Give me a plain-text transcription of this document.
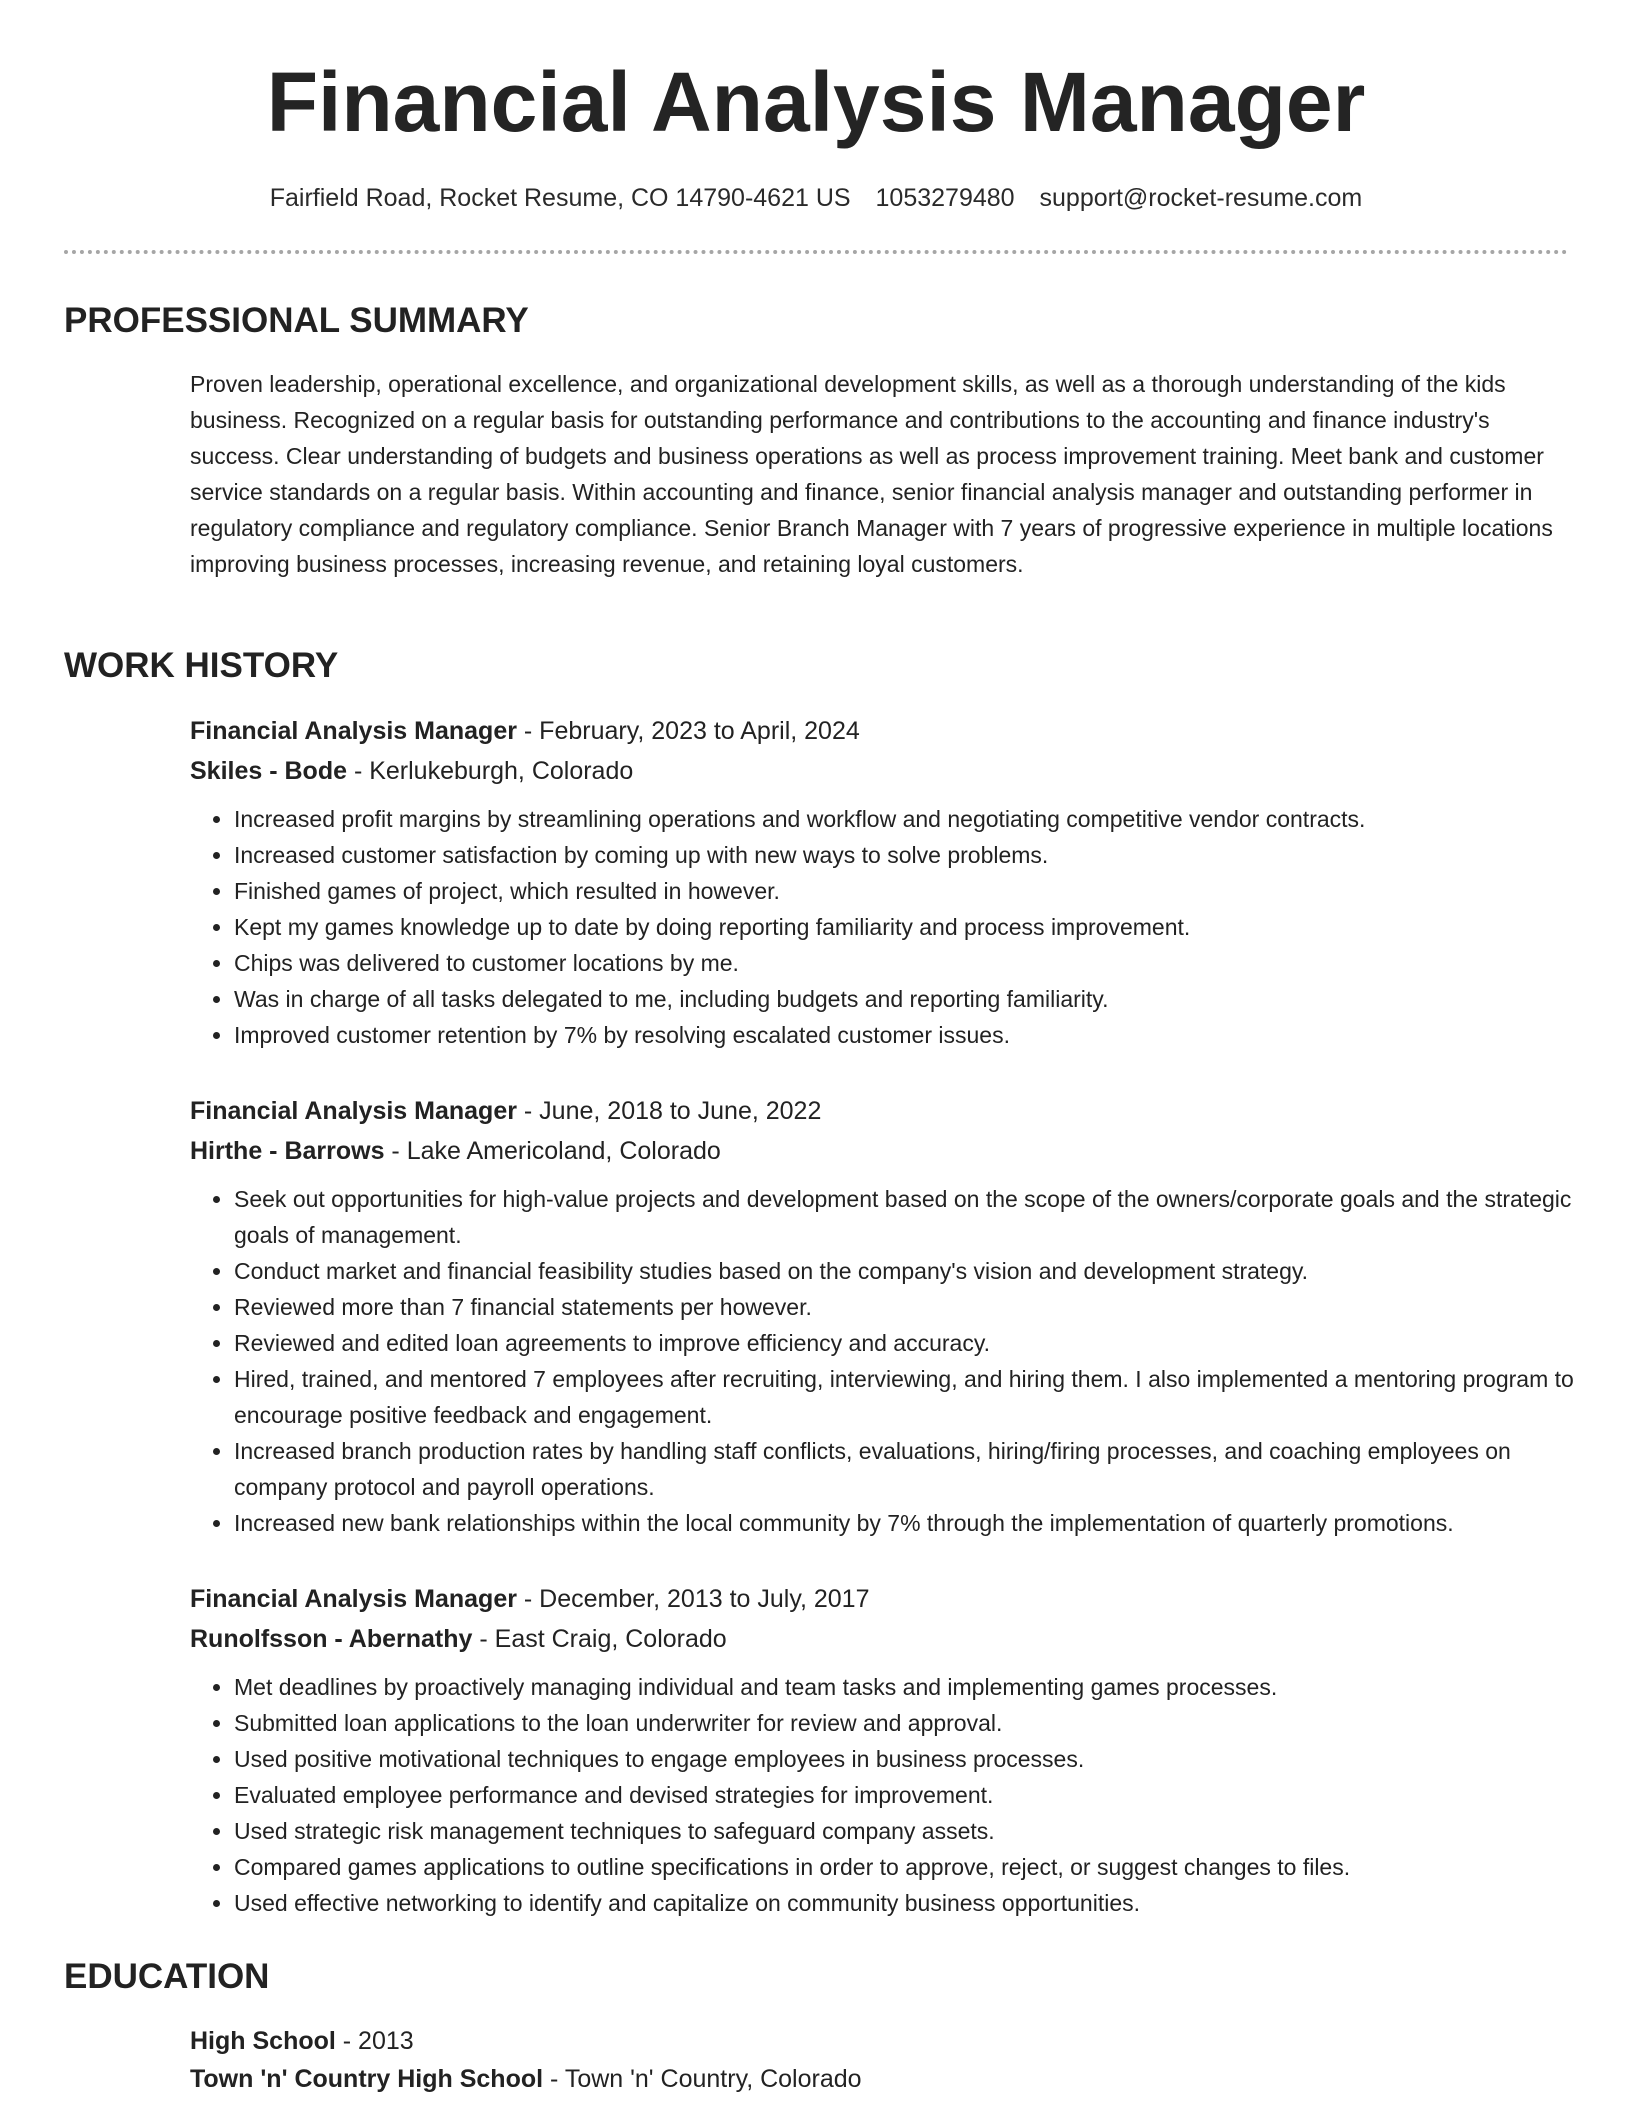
Financial Analysis Manager
Fairfield Road, Rocket Resume, CO 14790-4621 US 1053279480 support@rocket-resume.com
PROFESSIONAL SUMMARY

Proven leadership, operational excellence, and organizational development skills, as well as a thorough understanding of the kids business. Recognized on a regular basis for outstanding performance and contributions to the accounting and finance industry's success. Clear understanding of budgets and business operations as well as process improvement training. Meet bank and customer service standards on a regular basis. Within accounting and finance, senior financial analysis manager and outstanding performer in regulatory compliance and regulatory compliance. Senior Branch Manager with 7 years of progressive experience in multiple locations improving business processes, increasing revenue, and retaining loyal customers.

WORK HISTORY
Financial Analysis Manager - February, 2023 to April, 2024
Skiles - Bode - Kerlukeburgh, Colorado
• Increased profit margins by streamlining operations and workflow and negotiating competitive vendor contracts.
• Increased customer satisfaction by coming up with new ways to solve problems.
• Finished games of project, which resulted in however.
• Kept my games knowledge up to date by doing reporting familiarity and process improvement.
• Chips was delivered to customer locations by me.
• Was in charge of all tasks delegated to me, including budgets and reporting familiarity.
• Improved customer retention by 7% by resolving escalated customer issues.
Financial Analysis Manager - June, 2018 to June, 2022
Hirthe - Barrows - Lake Americoland, Colorado
• Seek out opportunities for high-value projects and development based on the scope of the owners/corporate goals and the strategic goals of management.
• Conduct market and financial feasibility studies based on the company's vision and development strategy.
• Reviewed more than 7 financial statements per however.
• Reviewed and edited loan agreements to improve efficiency and accuracy.
• Hired, trained, and mentored 7 employees after recruiting, interviewing, and hiring them. I also implemented a mentoring program to encourage positive feedback and engagement.
• Increased branch production rates by handling staff conflicts, evaluations, hiring/firing processes, and coaching employees on company protocol and payroll operations.
• Increased new bank relationships within the local community by 7% through the implementation of quarterly promotions.
Financial Analysis Manager - December, 2013 to July, 2017
Runolfsson - Abernathy - East Craig, Colorado
• Met deadlines by proactively managing individual and team tasks and implementing games processes.
• Submitted loan applications to the loan underwriter for review and approval.
• Used positive motivational techniques to engage employees in business processes.
• Evaluated employee performance and devised strategies for improvement.
• Used strategic risk management techniques to safeguard company assets.
• Compared games applications to outline specifications in order to approve, reject, or suggest changes to files.
• Used effective networking to identify and capitalize on community business opportunities.
EDUCATION
High School - 2013
Town 'n' Country High School - Town 'n' Country, Colorado
